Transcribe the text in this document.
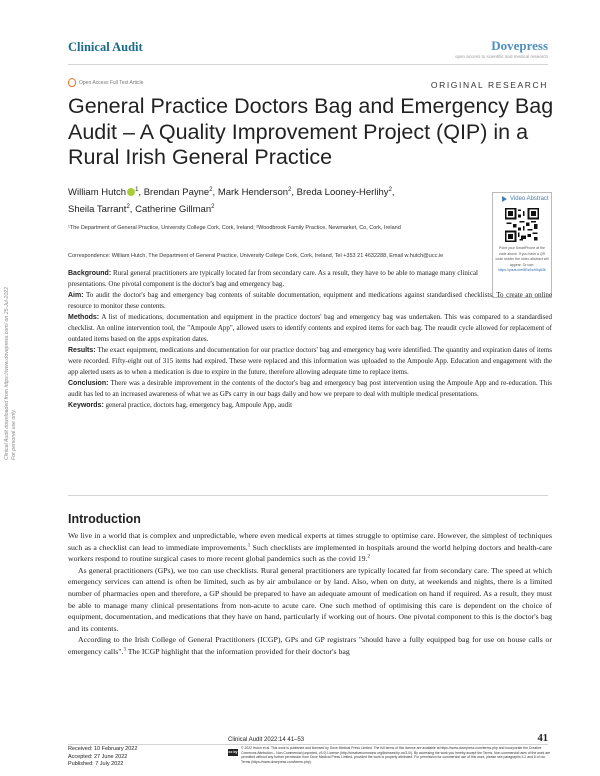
Clinical Audit	Dovepress
open access to scientific and medical research
Open Access Full Text Article	ORIGINAL RESEARCH
General Practice Doctors Bag and Emergency Bag Audit – A Quality Improvement Project (QIP) in a Rural Irish General Practice
William Hutch $^1$, Brendan Payne$^2$, Mark Henderson$^2$, Breda Looney-Herlihy$^2$,
Sheila Tarrant$^2$, Catherine Gillman$^2$
¹The Department of General Practice, University College Cork, Cork, Ireland; ²Woodbrook Family Practice, Newmarket, Co, Cork, Ireland
Correspondence: William Hutch, The Department of General Practice, University College Cork, Cork, Ireland, Tel +353 21 4632288, Email w.hutch@ucc.ie
Video Abstract
Point your SmartPhone at the code above. If you have a QR code reader the video abstract will appear. Or use:
https://youtu.be/8Es0w9Xq63k

Background: Rural general practitioners are typically located far from secondary care. As a result, they have to be able to manage many clinical presentations. One pivotal component is the doctor's bag and emergency bag.

Aim: To audit the doctor's bag and emergency bag contents of suitable documentation, equipment and medications against standardised checklists. To create an online resource to monitor these contents.

Methods: A list of medications, documentation and equipment in the practice doctors' bag and emergency bag was undertaken. This was compared to a standardised checklist. An online intervention tool, the "Ampoule App", allowed users to identify contents and expired items for each bag. The reaudit cycle allowed for replacement of outdated items based on the apps expiration dates.

Results: The exact equipment, medications and documentation for our practice doctors' bag and emergency bag were identified. The quantity and expiration dates of items were recorded. Fifty-eight out of 315 items had expired. These were replaced and this information was uploaded to the Ampoule App. Education and engagement with the app alerted users as to when a medication is due to expire in the future, therefore allowing adequate time to replace items.

Conclusion: There was a desirable improvement in the contents of the doctor's bag and emergency bag post intervention using the Ampoule App and re-education. This audit has led to an increased awareness of what we as GPs carry in our bags daily and how we prepare to deal with multiple medical presentations.

Keywords: general practice, doctors bag, emergency bag, Ampoule App, audit

Introduction

We live in a world that is complex and unpredictable, where even medical experts at times struggle to optimise care. However, the simplest of techniques such as a checklist can lead to immediate improvements.$^1$ Such checklists are implemented in hospitals around the world helping doctors and health-care workers respond to routine surgical cases to more recent global pandemics such as the covid 19.$^2$

As general practitioners (GPs), we too can use checklists. Rural general practitioners are typically located far from secondary care. The speed at which emergency services can attend is often be limited, such as by air ambulance or by land. Also, when on duty, at weekends and nights, there is a limited number of pharmacies open and therefore, a GP should be prepared to have an adequate amount of medication on hand if required. As a result, they must be able to manage many clinical presentations from non-acute to acute care. One such method of optimising this care is dependent on the choice of equipment, documentation, and medications that they have on hand, particularly if working out of hours. One pivotal component to this is the doctor's bag and its contents.

According to the Irish College of General Practitioners (ICGP), GPs and GP registrars "should have a fully equipped bag for use on house calls or emergency calls".$^3$ The ICGP highlight that the information provided for their doctor's bag

Received: 10 February 2022
Accepted: 27 June 2022
Published: 7 July 2022
Clinical Audit 2022:14 41–53	41
cc by nc
© 2022 Hutch et al. This work is published and licensed by Dove Medical Press Limited. The full terms of this license are available at https://www.dovepress.com/terms.php and incorporate the Creative Commons Attribution – Non Commercial (unported, v3.0) License (http://creativecommons.org/licenses/by-nc/3.0/). By accessing the work you hereby accept the Terms. Non-commercial uses of the work are permitted without any further permission from Dove Medical Press Limited, provided the work is properly attributed. For permission for commercial use of this work, please see paragraphs 4.2 and 5 of our Terms (https://www.dovepress.com/terms.php).
Clinical Audit downloaded from https://www.dovepress.com/ on 25-Jul-2022 For personal use only.
